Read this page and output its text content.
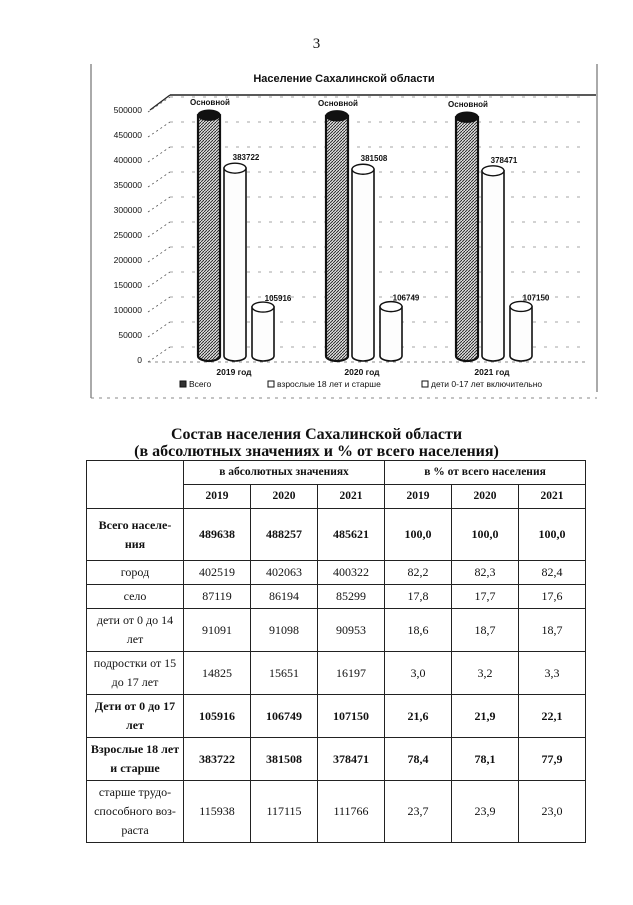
3
Население Сахалинской области
0
50000
100000
150000
200000
250000
300000
350000
400000
450000
500000
Основной
383722
105916
2019 год
Основной
381508
106749
2020 год
Основной
378471
107150
2021 год
Всего	взрослые 18 лет и старше	дети 0-17 лет включительно
Состав населения Сахалинской области
(в абсолютных значениях и % от всего населения)
	в абсолютных значениях			в % от всего населения		
	2019	2020	2021	2019	2020	2021
Всего населе-ния	489638	488257	485621	100,0	100,0	100,0
город	402519	402063	400322	82,2	82,3	82,4
село	87119	86194	85299	17,8	17,7	17,6
дети от 0 до 14 лет	91091	91098	90953	18,6	18,7	18,7
подростки от 15 до 17 лет	14825	15651	16197	3,0	3,2	3,3
Дети от 0 до 17 лет	105916	106749	107150	21,6	21,9	22,1
Взрослые 18 лет и старше	383722	381508	378471	78,4	78,1	77,9
старше трудо-способного воз-раста	115938	117115	111766	23,7	23,9	23,0
